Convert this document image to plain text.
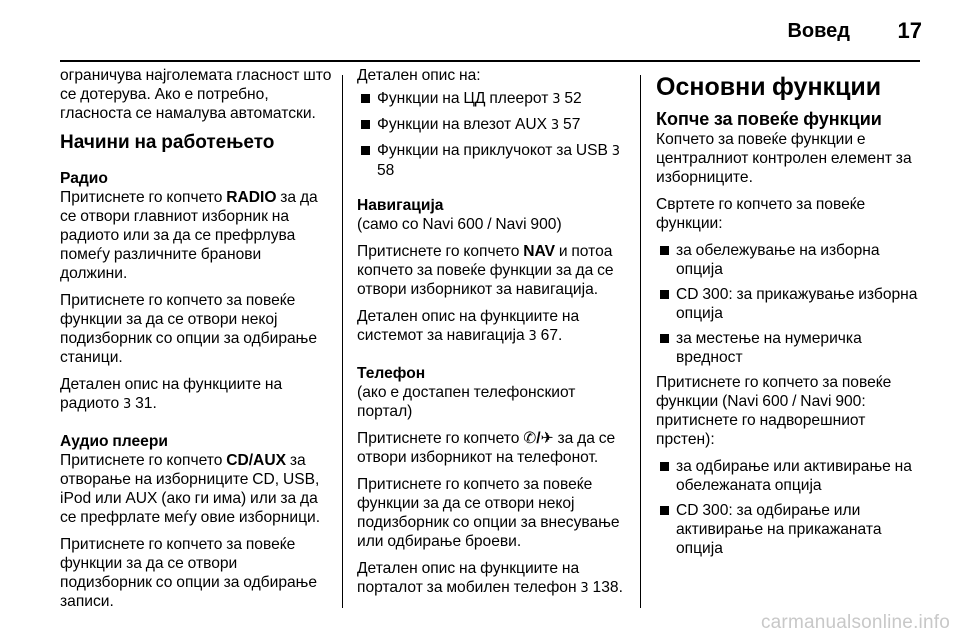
Вовед 17

ограничува најголемата гласност што се дотерува. Ако е потребно, гласноста се намалува автоматски.

Начини на работењето
Радио

Притиснете го копчето RADIO за да се отвори главниот изборник на радиото или за да се префрлува помеѓу различните бранови должини.

Притиснете го копчето за повеќе функции за да се отвори некој подизборник со опции за одбирање станици.

Детален опис на функциите на радиото 3 31.

Аудио плеери

Притиснете го копчето CD/AUX за отворање на изборниците CD, USB, iPod или AUX (ако ги има) или за да се префрлате меѓу овие изборници.

Притиснете го копчето за повеќе функции за да се отвори подизборник со опции за одбирање записи.

Детален опис на:

Функции на ЦД плеерот 3 52
Функции на влезот AUX 3 57
Функции на приклучокот за USB 3 58
Навигација

(само со Navi 600 / Navi 900)

Притиснете го копчето NAV и потоа копчето за повеќе функции за да се отвори изборникот за навигација.

Детален опис на функциите на системот за навигација 3 67.

Телефон

(ако е достапен телефонскиот портал)

Притиснете го копчето ✆/✈ за да се отвори изборникот на телефонот.

Притиснете го копчето за повеќе функции за да се отвори некој подизборник со опции за внесување или одбирање броеви.

Детален опис на функциите на порталот за мобилен телефон 3 138.

Основни функции
Копче за повеќе функции

Копчето за повеќе функции е централниот контролен елемент за изборниците.

Свртете го копчето за повеќе функции:

за обележување на изборна опција
CD 300: за прикажување изборна опција
за местење на нумеричка вредност

Притиснете го копчето за повеќе функции (Navi 600 / Navi 900: притиснете го надворешниот прстен):

за одбирање или активирање на обележаната опција
CD 300: за одбирање или активирање на прикажаната опција
carmanualsonline.info
